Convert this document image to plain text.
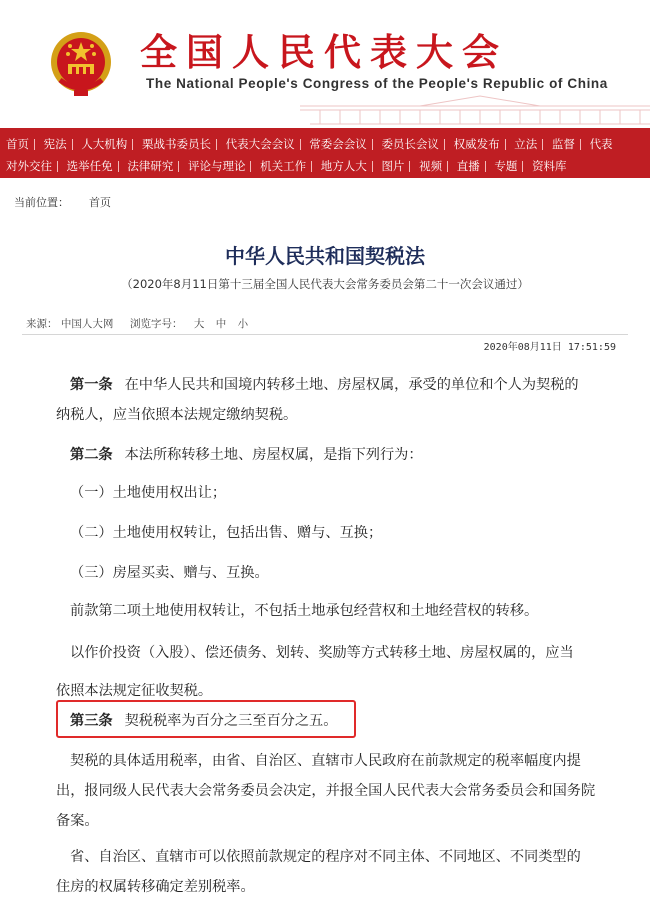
全国人民代表大会
The National People's Congress of the People's Republic of China
首页 宪法 人大机构 栗战书委员长 代表大会会议 常委会会议 委员长会议 权威发布 立法 监督 代表
对外交往 选举任免 法律研究 评论与理论 机关工作 地方人大 图片 视频 直播 专题 资料库
当前位置： 首页
中华人民共和国契税法
（2020年8月11日第十三届全国人民代表大会常务委员会第二十一次会议通过）
来源： 中国人大网 浏览字号： 大 中 小
2020年08月11日 17:51:59
第一条 在中华人民共和国境内转移土地、房屋权属，承受的单位和个人为契税的
纳税人，应当依照本法规定缴纳契税。
第二条 本法所称转移土地、房屋权属，是指下列行为：
（一）土地使用权出让；
（二）土地使用权转让，包括出售、赠与、互换；
（三）房屋买卖、赠与、互换。
前款第二项土地使用权转让，不包括土地承包经营权和土地经营权的转移。
以作价投资（入股）、偿还债务、划转、奖励等方式转移土地、房屋权属的，应当
依照本法规定征收契税。
第三条 契税税率为百分之三至百分之五。
契税的具体适用税率，由省、自治区、直辖市人民政府在前款规定的税率幅度内提
出，报同级人民代表大会常务委员会决定，并报全国人民代表大会常务委员会和国务院
备案。
省、自治区、直辖市可以依照前款规定的程序对不同主体、不同地区、不同类型的
住房的权属转移确定差别税率。
